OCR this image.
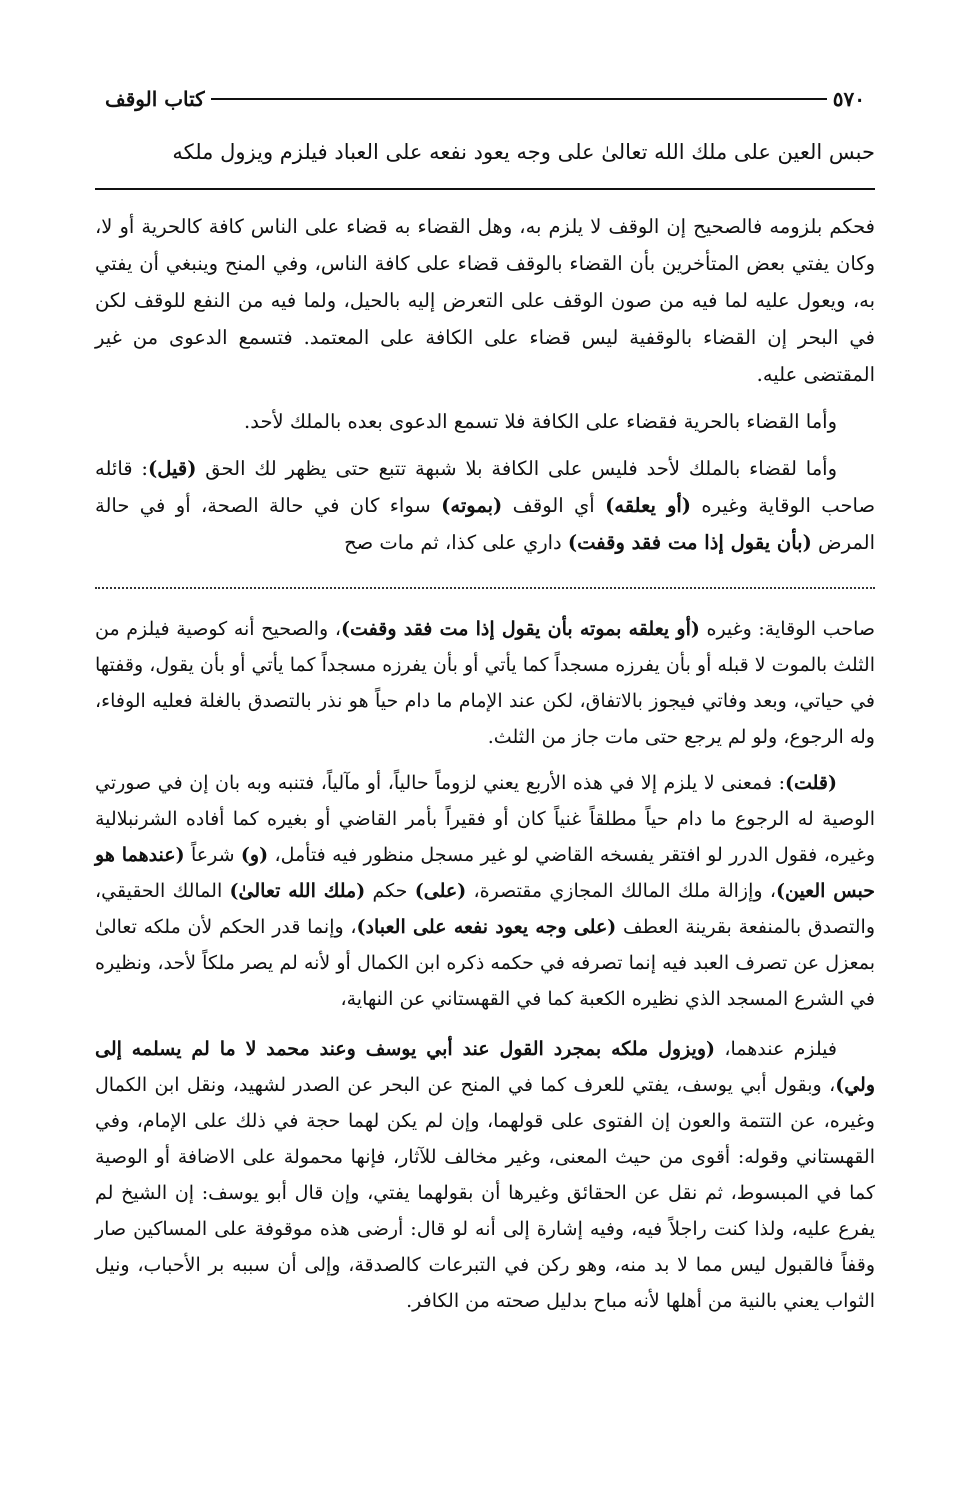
٥٧٠
كتاب الوقف

حبس العين على ملك الله تعالىٰ على وجه يعود نفعه على العباد فيلزم ويزول ملكه

فحكم بلزومه فالصحيح إن الوقف لا يلزم به، وهل القضاء به قضاء على الناس كافة كالحرية أو لا، وكان يفتي بعض المتأخرين بأن القضاء بالوقف قضاء على كافة الناس، وفي المنح وينبغي أن يفتي به، ويعول عليه لما فيه من صون الوقف على التعرض إليه بالحيل، ولما فيه من النفع للوقف لكن في البحر إن القضاء بالوقفية ليس قضاء على الكافة على المعتمد. فتسمع الدعوى من غير المقتضى عليه.

وأما القضاء بالحرية فقضاء على الكافة فلا تسمع الدعوى بعده بالملك لأحد.

وأما لقضاء بالملك لأحد فليس على الكافة بلا شبهة تتبع حتى يظهر لك الحق (قيل): قائله صاحب الوقاية وغيره (أو يعلقه) أي الوقف (بموته) سواء كان في حالة الصحة، أو في حالة المرض (بأن يقول إذا مت فقد وقفت) داري على كذا، ثم مات صح

صاحب الوقاية: وغيره (أو يعلقه بموته بأن يقول إذا مت فقد وقفت)، والصحيح أنه كوصية فيلزم من الثلث بالموت لا قبله أو بأن يفرزه مسجداً كما يأتي أو بأن يفرزه مسجداً كما يأتي أو بأن يقول، وقفتها في حياتي، وبعد وفاتي فيجوز بالاتفاق، لكن عند الإمام ما دام حياً هو نذر بالتصدق بالغلة فعليه الوفاء، وله الرجوع، ولو لم يرجع حتى مات جاز من الثلث.

(قلت): فمعنى لا يلزم إلا في هذه الأربع يعني لزوماً حالياً، أو مآلياً، فتنبه وبه بان إن في صورتي الوصية له الرجوع ما دام حياً مطلقاً غنياً كان أو فقيراً بأمر القاضي أو بغيره كما أفاده الشرنبلالية وغيره، فقول الدرر لو افتقر يفسخه القاضي لو غير مسجل منظور فيه فتأمل، (و) شرعاً (عندهما هو حبس العين)، وإزالة ملك المالك المجازي مقتصرة، (على) حكم (ملك الله تعالىٰ) المالك الحقيقي، والتصدق بالمنفعة بقرينة العطف (على وجه يعود نفعه على العباد)، وإنما قدر الحكم لأن ملكه تعالىٰ بمعزل عن تصرف العبد فيه إنما تصرفه في حكمه ذكره ابن الكمال أو لأنه لم يصر ملكاً لأحد، ونظيره في الشرع المسجد الذي نظيره الكعبة كما في القهستاني عن النهاية،

فيلزم عندهما، (ويزول ملكه بمجرد القول عند أبي يوسف وعند محمد لا ما لم يسلمه إلى ولي)، وبقول أبي يوسف، يفتي للعرف كما في المنح عن البحر عن الصدر لشهيد، ونقل ابن الكمال وغيره، عن التتمة والعون إن الفتوى على قولهما، وإن لم يكن لهما حجة في ذلك على الإمام، وفي القهستاني وقوله: أقوى من حيث المعنى، وغير مخالف للآثار، فإنها محمولة على الاضافة أو الوصية كما في المبسوط، ثم نقل عن الحقائق وغيرها أن بقولهما يفتي، وإن قال أبو يوسف: إن الشيخ لم يفرع عليه، ولذا كنت راجلاً فيه، وفيه إشارة إلى أنه لو قال: أرضى هذه موقوفة على المساكين صار وقفاً فالقبول ليس مما لا بد منه، وهو ركن في التبرعات كالصدقة، وإلى أن سببه بر الأحباب، ونيل الثواب يعني بالنية من أهلها لأنه مباح بدليل صحته من الكافر.
